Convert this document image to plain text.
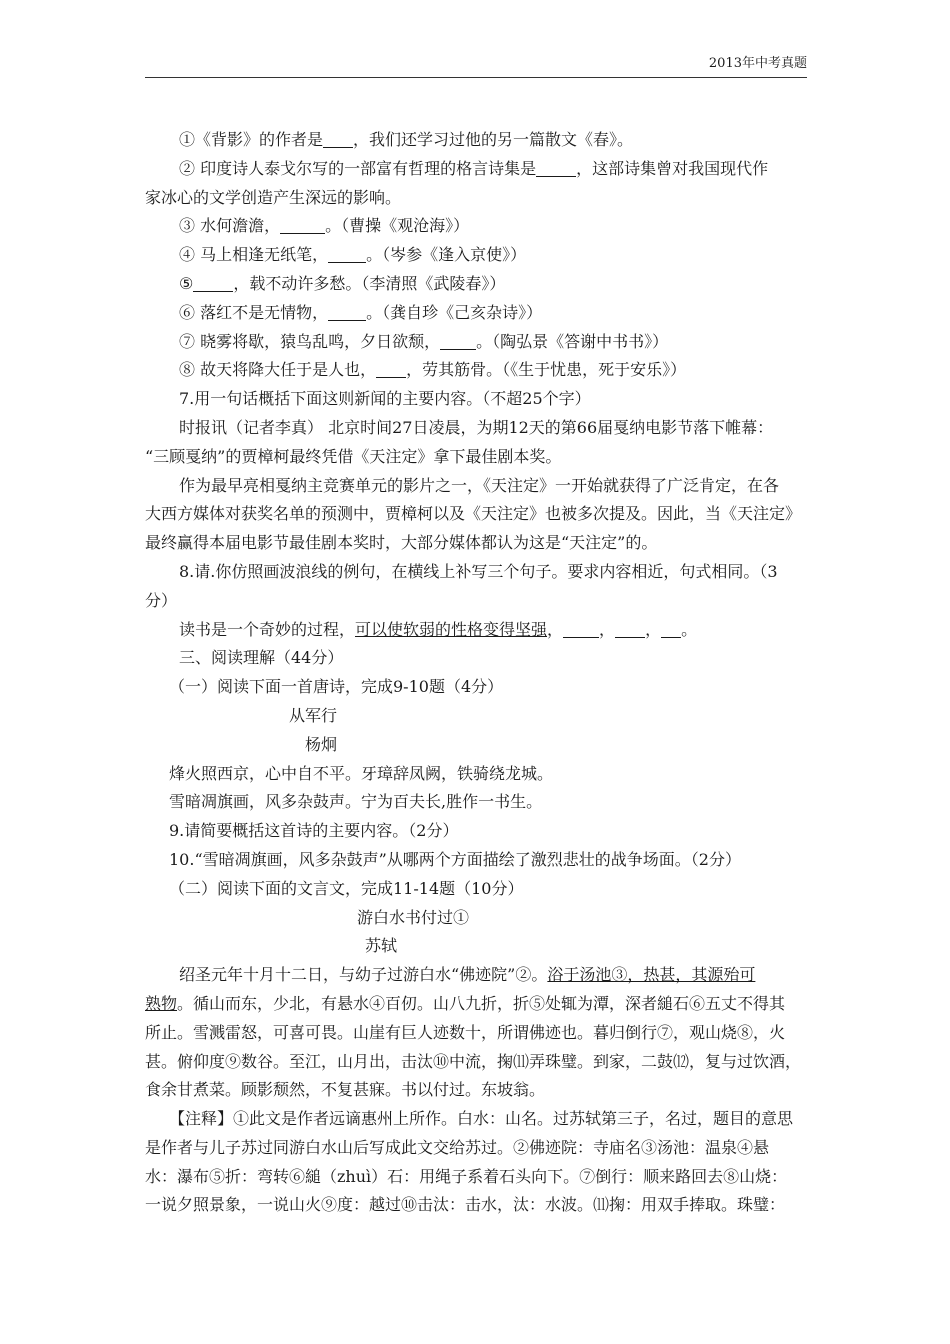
2013年中考真题

①《背影》的作者是 ，我们还学习过他的另一篇散文《春》。

② 印度诗人泰戈尔写的一部富有哲理的格言诗集是	，这部诗集曾对我国现代作

家冰心的文学创造产生深远的影响。

③ 水何澹澹，	。（曹操《观沧海》）

④ 马上相逢无纸笔， 。（岑参《逢入京使》）

⑤	，载不动许多愁。（李清照《武陵春》）

⑥ 落红不是无情物， 。（龚自珍《己亥杂诗》）

⑦ 晓雾将歇，猿鸟乱鸣，夕日欲颓， 。（陶弘景《答谢中书书》）

⑧ 故天将降大任于是人也， ，劳其筋骨。（《生于忧患，死于安乐》）

7.用一句话概括下面这则新闻的主要内容。（不超25个字）

时报讯（记者李真） 北京时间27日凌晨，为期12天的第66届戛纳电影节落下帷幕：

“三顾戛纳”的贾樟柯最终凭借《天注定》拿下最佳剧本奖。

作为最早亮相戛纳主竞赛单元的影片之一，《天注定》一开始就获得了广泛肯定，在各

大西方媒体对获奖名单的预测中，贾樟柯以及《天注定》也被多次提及。因此，当《天注定》

最终赢得本届电影节最佳剧本奖时，大部分媒体都认为这是“天注定”的。

8.请.你仿照画波浪线的例句，在横线上补写三个句子。要求内容相近，句式相同。（3

分）

读书是一个奇妙的过程，可以使软弱的性格变得坚强， ， ， 。

三、阅读理解（44分）

（一）阅读下面一首唐诗，完成9-10题（4分）

从军行

杨炯

烽火照西京，心中自不平。牙璋辞凤阙，铁骑绕龙城。

雪暗凋旗画，风多杂鼓声。宁为百夫长,胜作一书生。

9.请简要概括这首诗的主要内容。（2分）

10.“雪暗凋旗画，风多杂鼓声”从哪两个方面描绘了激烈悲壮的战争场面。（2分）

（二）阅读下面的文言文，完成11-14题（10分）

游白水书付过①

苏轼

绍圣元年十月十二日，与幼子过游白水“佛迹院”②。浴于汤池③，热甚，其源殆可

熟物。循山而东，少北，有悬水④百仞。山八九折，折⑤处辄为潭，深者縋石⑥五丈不得其

所止。雪溅雷怒，可喜可畏。山崖有巨人迹数十，所谓佛迹也。暮归倒行⑦，观山烧⑧，火

甚。俯仰度⑨数谷。至江，山月出，击汰⑩中流，掬⑾弄珠璧。到家，二鼓⑿，复与过饮酒，

食余甘煮菜。顾影颓然，不复甚寐。书以付过。东坡翁。

【注释】①此文是作者远谪惠州上所作。白水：山名。过苏轼第三子，名过，题目的意思

是作者与儿子苏过同游白水山后写成此文交给苏过。②佛迹院：寺庙名③汤池：温泉④悬

水：瀑布⑤折：弯转⑥縋（zhuì）石：用绳子系着石头向下。⑦倒行：顺来路回去⑧山烧：

一说夕照景象，一说山火⑨度：越过⑩击汰：击水，汰：水波。⑾掬：用双手捧取。珠璧：
